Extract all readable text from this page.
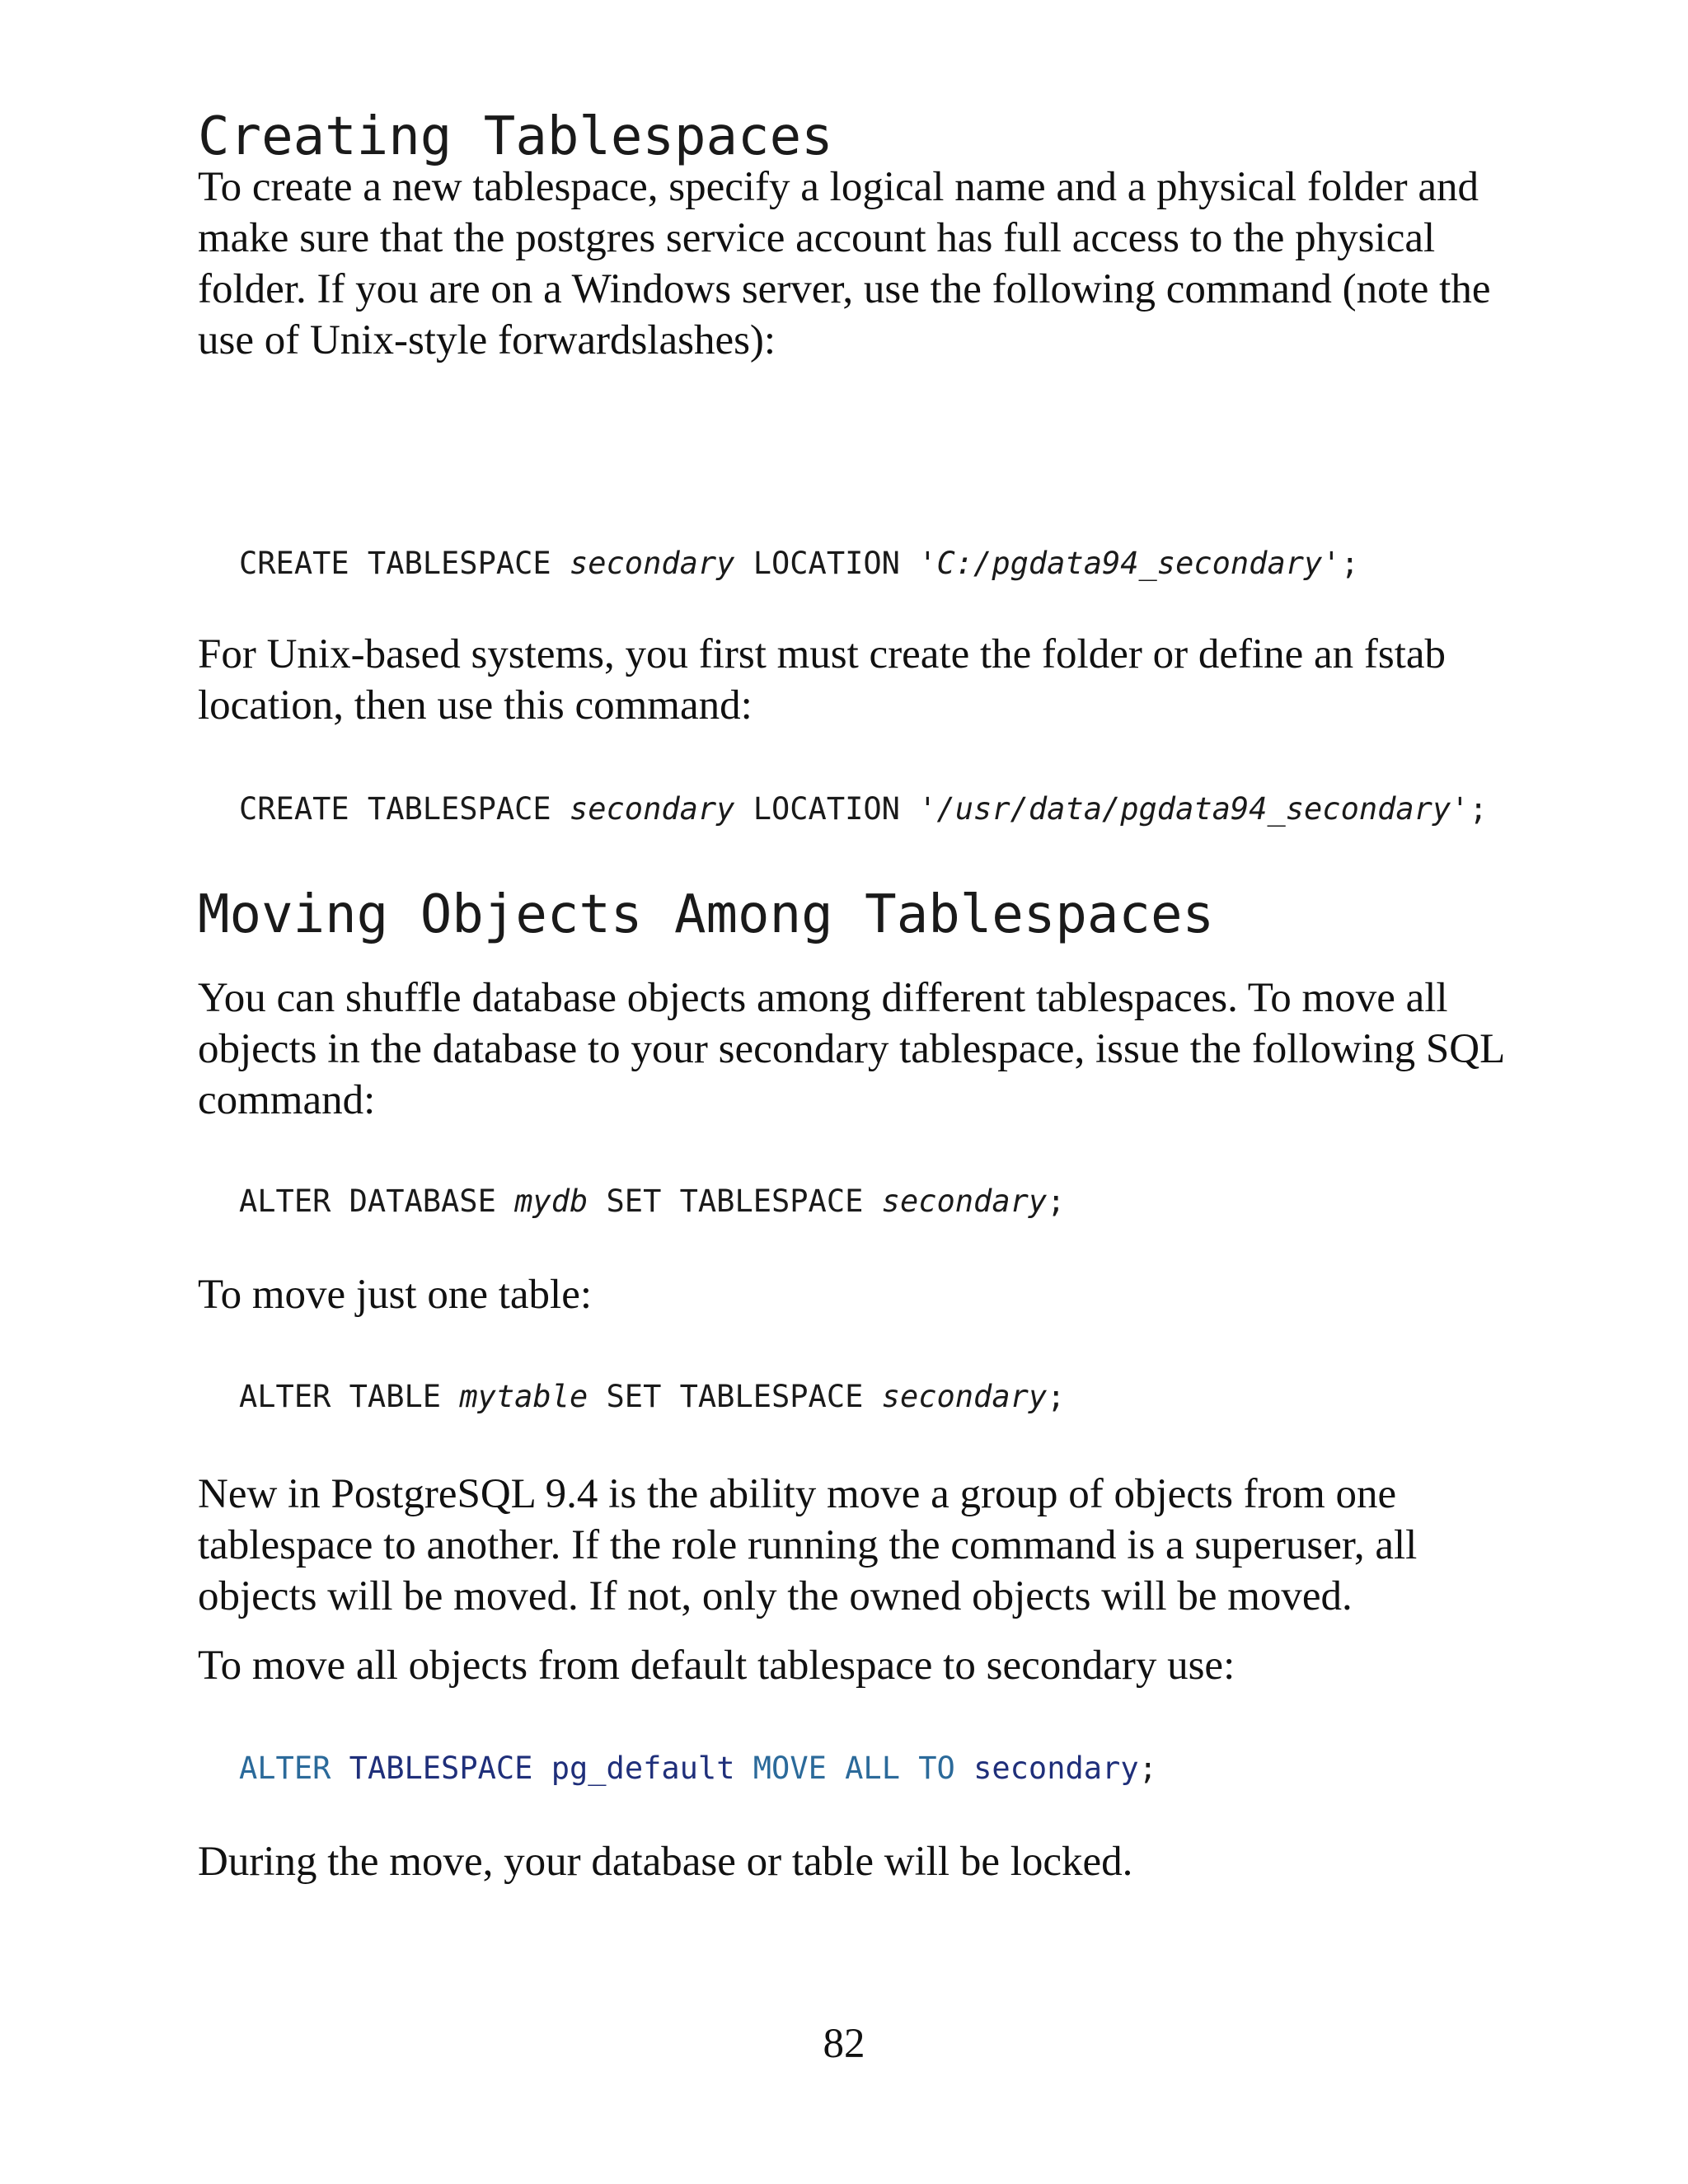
Creating Tablespaces

To create a new tablespace, specify a logical name and a physical folder and make sure that the postgres service account has full access to the physical folder. If you are on a Windows server, use the following command (note the use of Unix-style forwardslashes):

CREATE TABLESPACE secondary LOCATION 'C:/pgdata94_secondary';

For Unix-based systems, you first must create the folder or define an fstab location, then use this command:

CREATE TABLESPACE secondary LOCATION '/usr/data/pgdata94_secondary';
Moving Objects Among Tablespaces

You can shuffle database objects among different tablespaces. To move all objects in the database to your secondary tablespace, issue the following SQL command:

ALTER DATABASE mydb SET TABLESPACE secondary;

To move just one table:

ALTER TABLE mytable SET TABLESPACE secondary;

New in PostgreSQL 9.4 is the ability move a group of objects from one tablespace to another. If the role running the command is a superuser, all objects will be moved. If not, only the owned objects will be moved.

To move all objects from default tablespace to secondary use:

ALTER TABLESPACE pg_default MOVE ALL TO secondary;

During the move, your database or table will be locked.

82
